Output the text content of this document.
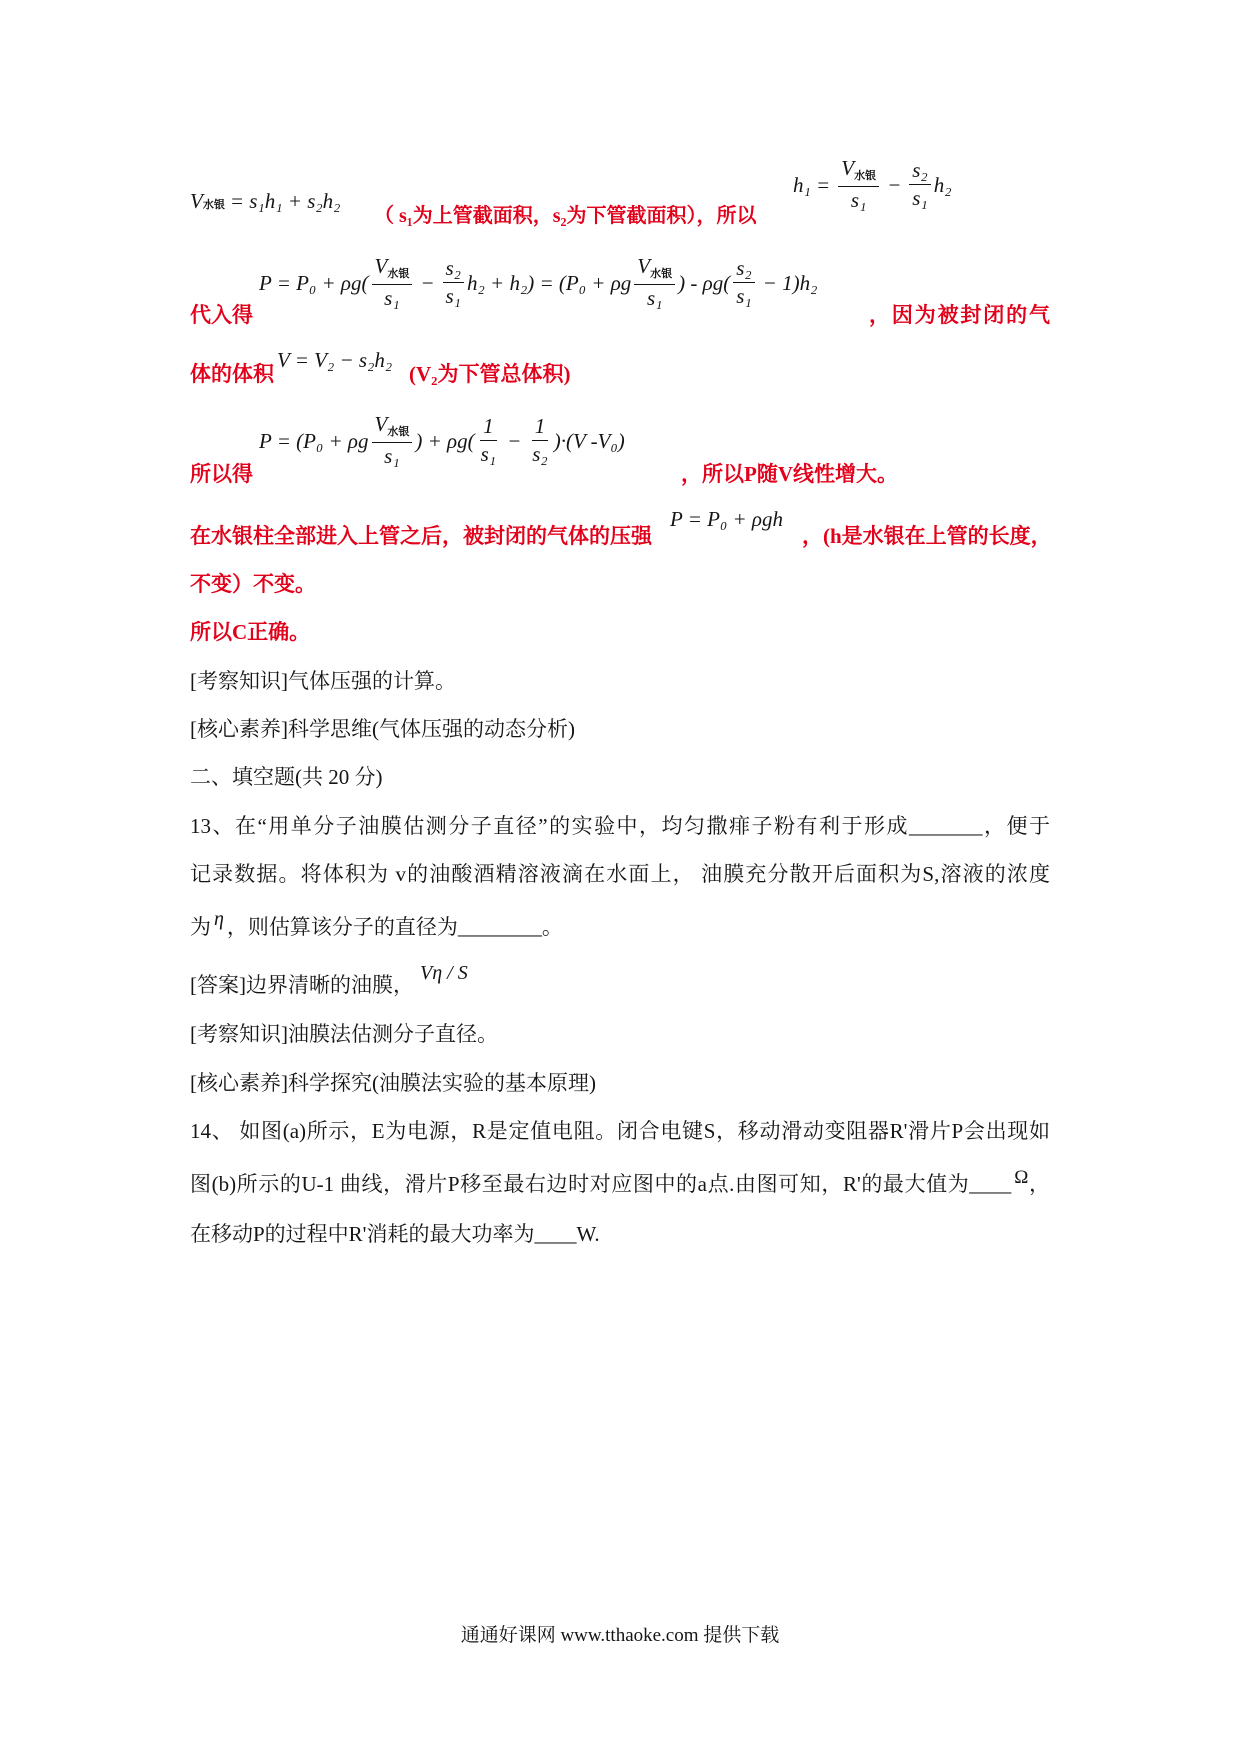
V 水银 = s₁h₁ + s₂h₂
（ s₁为上管截面积，s₂为下管截面积），所以
$h_1 = \frac{\text{V水银}}{\text{s₁}} - \frac{\text{s₂}}{\text{s₁}} h_2$
$P = P_0 + \rho g( \frac{\text{V水银}}{\text{s₁}} - \frac{\text{s₂}}{\text{s₁}} h_2 + h_2) = (P_0 + \rho g \frac{\text{V水银}}{\text{s₁}}$ ) - $\rho g( \frac{\text{s₂}}{\text{s₁}} - 1)h_2$
代入得	，因为被封闭的气
体的体积
V = V₂ − s₂h₂
(V₂为下管总体积)
P = (P₀ + ρg $\frac{\text{V水银}}{\text{s₁}}$ ) + $\rho g( \frac{1}{\text{s₁}} - \frac{1}{\text{s₂}} )\cdot(V$ -V₀)
所以得	，所以P随V线性增大。
在水银柱全部进入上管之后，被封闭的气体的压强
P = P₀ + ρgh
，(h是水银在上管的长度，
不变）不变。
所以C正确。
[考察知识]气体压强的计算。
[核心素养]科学思维(气体压强的动态分析)
二、填空题(共 20 分)
13、在“用单分子油膜估测分子直径”的实验中，均匀撒痱子粉有利于形成_______，便于
记录数据。将体积为 v的油酸酒精溶液滴在水面上， 油膜充分散开后面积为S,溶液的浓度
为 η ，则估算该分子的直径为________。
[答案]边界清晰的油膜， Vη / S
[考察知识]油膜法估测分子直径。
[核心素养]科学探究(油膜法实验的基本原理)
14、 如图(a)所示，E为电源，R是定值电阻。闭合电键S，移动滑动变阻器R'滑片P会出现如
图(b)所示的U-1 曲线，滑片P移至最右边时对应图中的a点.由图可知，R'的最大值为____ Ω，
在移动P的过程中R'消耗的最大功率为____W.
通通好课网 www.tthaoke.com 提供下载
